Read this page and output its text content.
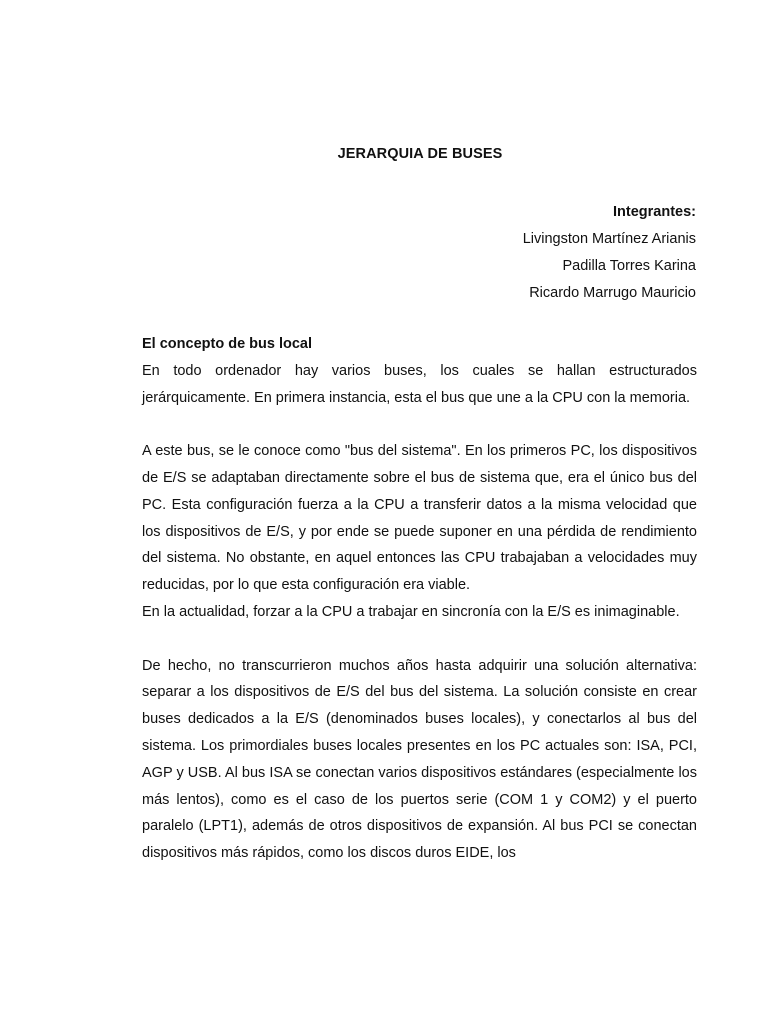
JERARQUIA DE BUSES
Integrantes:
Livingston Martínez Arianis
Padilla Torres Karina
Ricardo Marrugo Mauricio
El concepto de bus local

En todo ordenador hay varios buses, los cuales se hallan estructurados jerárquicamente. En primera instancia, esta el bus que une a la CPU con la memoria.

A este bus, se le conoce como "bus del sistema". En los primeros PC, los dispositivos de E/S se adaptaban directamente sobre el bus de sistema que, era el único bus del PC. Esta configuración fuerza a la CPU a transferir datos a la misma velocidad que los dispositivos de E/S, y por ende se puede suponer en una pérdida de rendimiento del sistema. No obstante, en aquel entonces las CPU trabajaban a velocidades muy reducidas, por lo que esta configuración era viable.

En la actualidad, forzar a la CPU a trabajar en sincronía con la E/S es inimaginable.

De hecho, no transcurrieron muchos años hasta adquirir una solución alternativa: separar a los dispositivos de E/S del bus del sistema. La solución consiste en crear buses dedicados a la E/S (denominados buses locales), y conectarlos al bus del sistema. Los primordiales buses locales presentes en los PC actuales son: ISA, PCI, AGP y USB. Al bus ISA se conectan varios dispositivos estándares (especialmente los más lentos), como es el caso de los puertos serie (COM 1 y COM2) y el puerto paralelo (LPT1), además de otros dispositivos de expansión. Al bus PCI se conectan dispositivos más rápidos, como los discos duros EIDE, los
